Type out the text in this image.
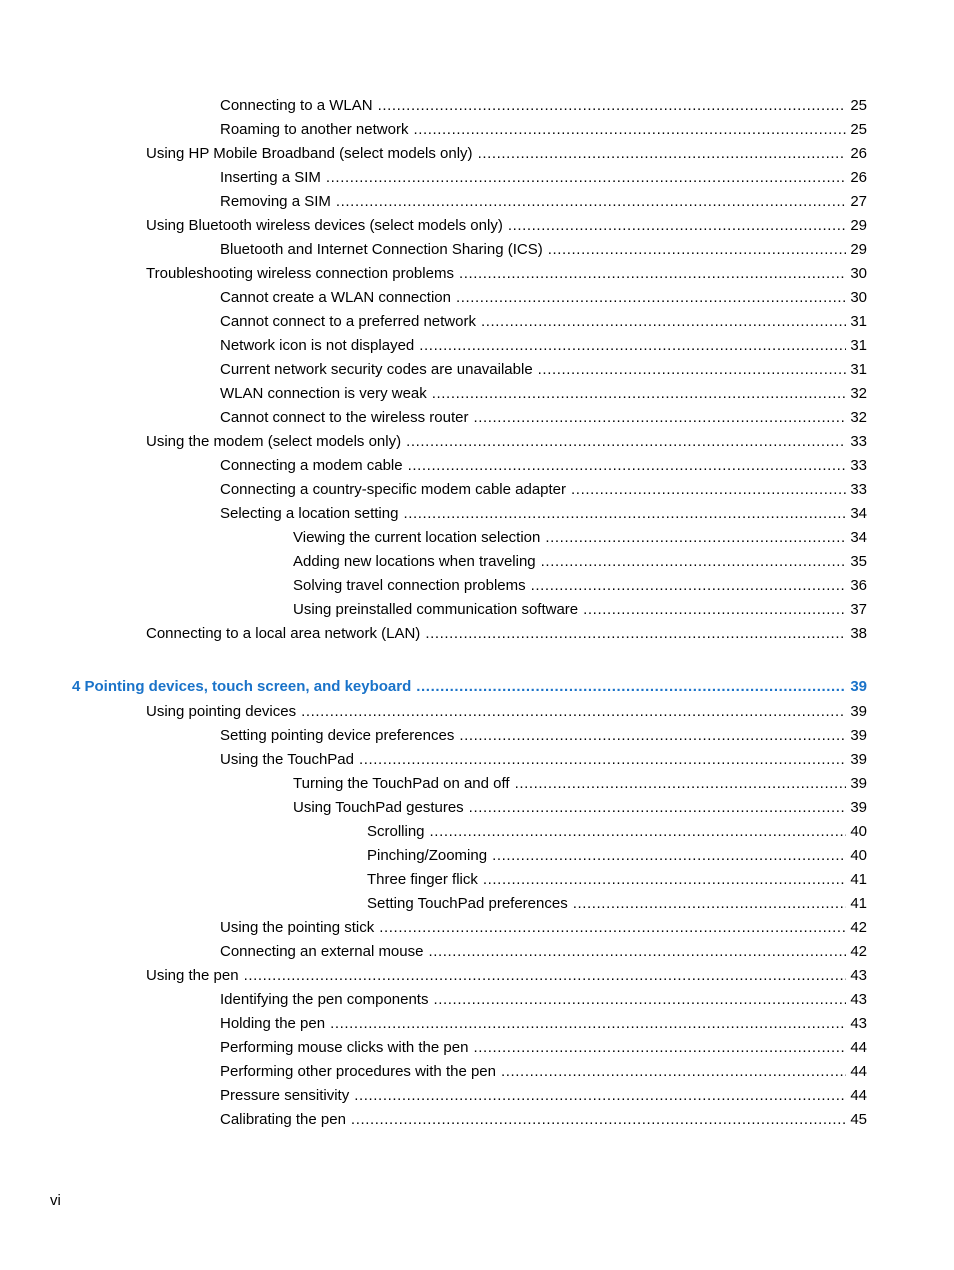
Connecting to a WLAN .....	25
Roaming to another network .....	25
Using HP Mobile Broadband (select models only) .....	26
Inserting a SIM .....	26
Removing a SIM .....	27
Using Bluetooth wireless devices (select models only) .....	29
Bluetooth and Internet Connection Sharing (ICS) .....	29
Troubleshooting wireless connection problems .....	30
Cannot create a WLAN connection .....	30
Cannot connect to a preferred network .....	31
Network icon is not displayed .....	31
Current network security codes are unavailable .....	31
WLAN connection is very weak .....	32
Cannot connect to the wireless router .....	32
Using the modem (select models only) .....	33
Connecting a modem cable .....	33
Connecting a country-specific modem cable adapter .....	33
Selecting a location setting .....	34
Viewing the current location selection .....	34
Adding new locations when traveling .....	35
Solving travel connection problems .....	36
Using preinstalled communication software .....	37
Connecting to a local area network (LAN) .....	38
4 Pointing devices, touch screen, and keyboard .....	39
Using pointing devices .....	39
Setting pointing device preferences .....	39
Using the TouchPad .....	39
Turning the TouchPad on and off .....	39
Using TouchPad gestures .....	39
Scrolling .....	40
Pinching/Zooming .....	40
Three finger flick .....	41
Setting TouchPad preferences .....	41
Using the pointing stick .....	42
Connecting an external mouse .....	42
Using the pen .....	43
Identifying the pen components .....	43
Holding the pen .....	43
Performing mouse clicks with the pen .....	44
Performing other procedures with the pen .....	44
Pressure sensitivity .....	44
Calibrating the pen .....	45
vi
